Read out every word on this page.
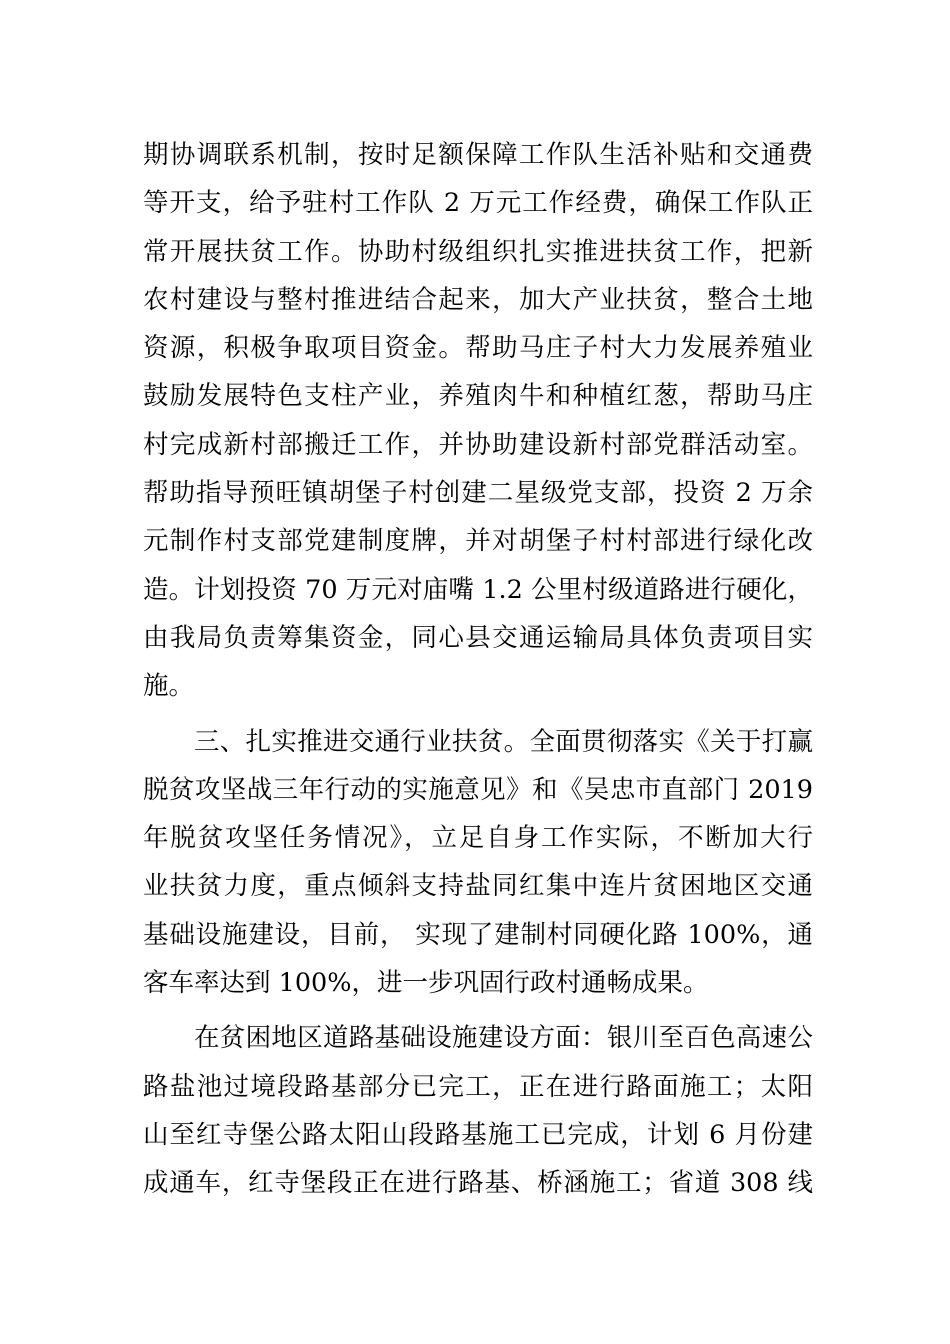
期协调联系机制，按时足额保障工作队生活补贴和交通费
等开支，给予驻村工作队 2 万元工作经费，确保工作队正
常开展扶贫工作。协助村级组织扎实推进扶贫工作，把新
农村建设与整村推进结合起来，加大产业扶贫，整合土地
资源，积极争取项目资金。帮助马庄子村大力发展养殖业
鼓励发展特色支柱产业，养殖肉牛和种植红葱，帮助马庄
村完成新村部搬迁工作，并协助建设新村部党群活动室。
帮助指导预旺镇胡堡子村创建二星级党支部，投资 2 万余
元制作村支部党建制度牌，并对胡堡子村村部进行绿化改
造。计划投资 70 万元对庙嘴 1.2 公里村级道路进行硬化，
由我局负责筹集资金，同心县交通运输局具体负责项目实
施。
三、扎实推进交通行业扶贫。全面贯彻落实《关于打赢
脱贫攻坚战三年行动的实施意见》和《吴忠市直部门 2019
年脱贫攻坚任务情况》，立足自身工作实际，不断加大行
业扶贫力度，重点倾斜支持盐同红集中连片贫困地区交通
基础设施建设，目前， 实现了建制村同硬化路 100%，通
客车率达到 100%，进一步巩固行政村通畅成果。
在贫困地区道路基础设施建设方面：银川至百色高速公
路盐池过境段路基部分已完工，正在进行路面施工；太阳
山至红寺堡公路太阳山段路基施工已完成，计划 6 月份建
成通车，红寺堡段正在进行路基、桥涵施工；省道 308 线
